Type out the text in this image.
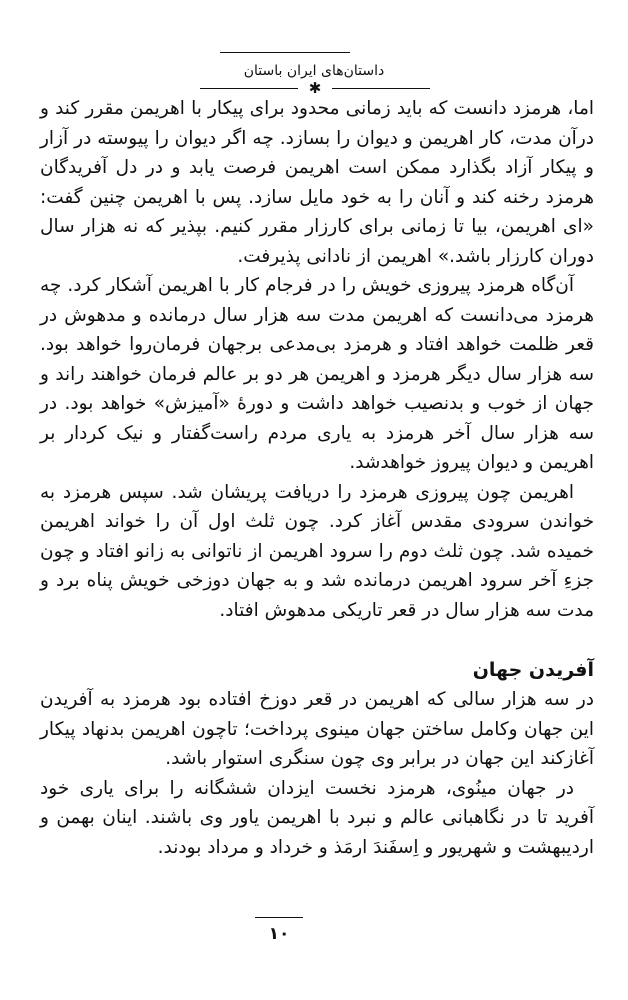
داستان‌های ایران باستان
✱

اما، هرمزد دانست که باید زمانی محدود برای پیکار با اهریمن مقرر کند و درآن مدت، کار اهریمن و دیوان را بسازد. چه اگر دیوان را پیوسته در آزار و پیکار آزاد بگذارد ممکن است اهریمن فرصت یابد و در دل آفریدگان هرمزد رخنه کند و آنان را به خود مایل سازد. پس با اهریمن چنین گفت: «ای اهریمن، بیا تا زمانی برای کارزار مقرر کنیم. بپذیر که نه هزار سال دوران کارزار باشد.» اهریمن از نادانی پذیرفت.

آن‌گاه هرمزد پیروزی خویش را در فرجام کار با اهریمن آشکار کرد. چه هرمزد می‌دانست که اهریمن مدت سه هزار سال درمانده و مدهوش در قعر ظلمت خواهد افتاد و هرمزد بی‌مدعی برجهان فرمان‌روا خواهد بود. سه هزار سال دیگر هرمزد و اهریمن هر دو بر عالم فرمان خواهند راند و جهان از خوب و بدنصیب خواهد داشت و دورهٔ «آمیزش» خواهد بود. در سه هزار سال آخر هرمزد به یاری مردم راست‌گفتار و نیک کردار بر اهریمن و دیوان پیروز خواهدشد.

اهریمن چون پیروزی هرمزد را دریافت پریشان شد. سپس هرمزد به خواندن سرودی مقدس آغاز کرد. چون ثلث اول آن را خواند اهریمن خمیده شد. چون ثلث دوم را سرود اهریمن از ناتوانی به زانو افتاد و چون جزءِ آخر سرود اهریمن درمانده شد و به جهان دوزخی خویش پناه برد و مدت سه هزار سال در قعر تاریکی مدهوش افتاد.

آفریدن جهان

در سه هزار سالی که اهریمن در قعر دوزخ افتاده بود هرمزد به آفریدن این جهان وکامل ساختن جهان مینوی پرداخت؛ تاچون اهریمن بدنهاد پیکار آغازکند این جهان در برابر وی چون سنگری استوار باشد.

در جهان مینُوی، هرمزد نخست ایزدان ششگانه را برای یاری خود آفرید تا در نگاهبانی عالم و نبرد با اهریمن یاور وی باشند. اینان بهمن و اردیبهشت و شهریور و اِسفَندَ ارمَذ و خرداد و مرداد بودند.

۱۰
